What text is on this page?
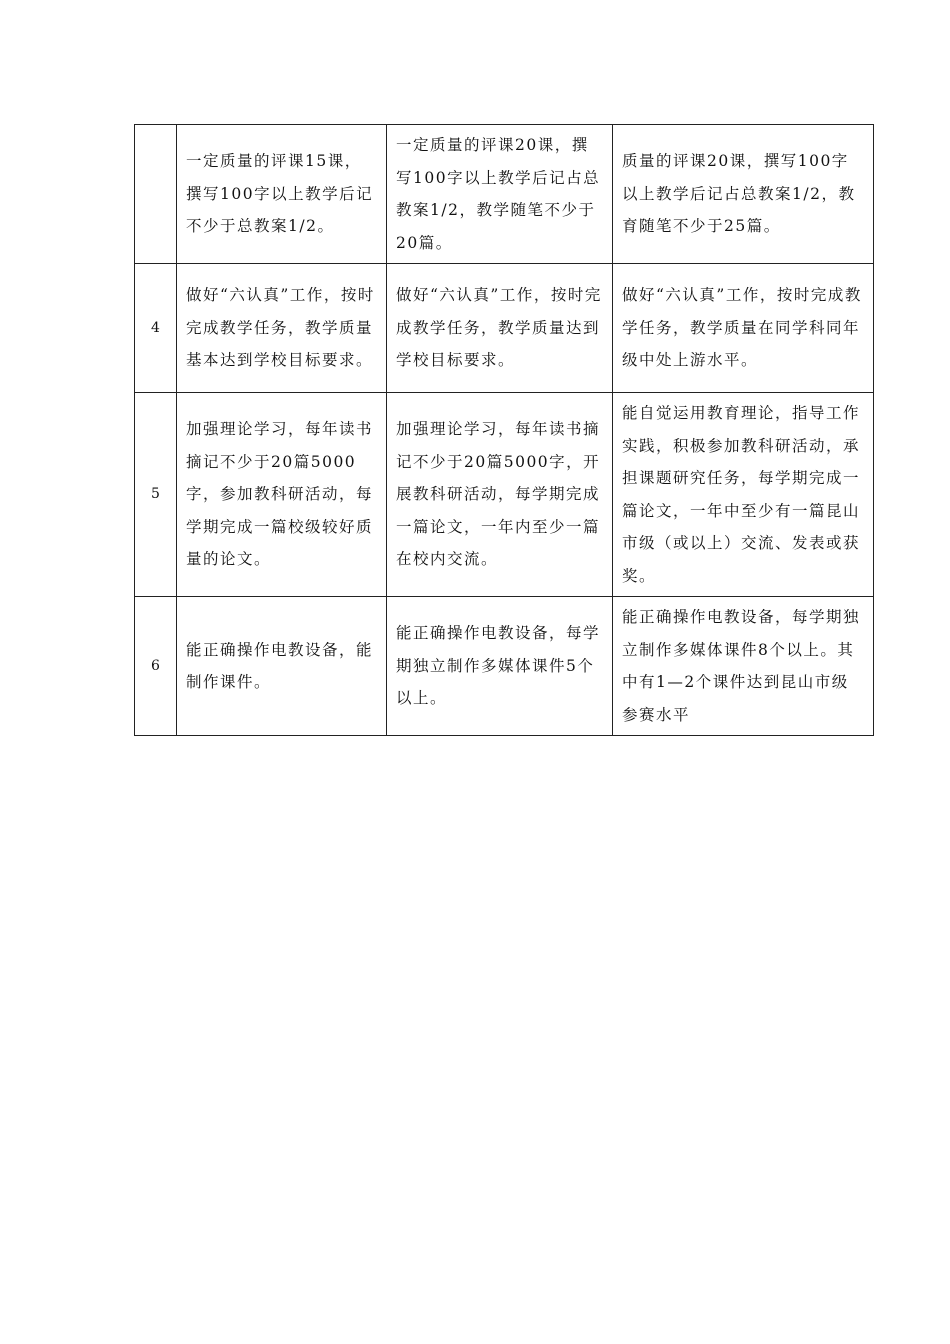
	一定质量的评课15课，撰写100字以上教学后记不少于总教案1/2。	一定质量的评课20课，撰写100字以上教学后记占总教案1/2，教学随笔不少于20篇。	质量的评课20课，撰写100字以上教学后记占总教案1/2，教育随笔不少于25篇。
4	做好“六认真”工作，按时完成教学任务，教学质量基本达到学校目标要求。	做好“六认真”工作，按时完成教学任务，教学质量达到学校目标要求。	做好“六认真”工作，按时完成教学任务，教学质量在同学科同年级中处上游水平。
5	加强理论学习，每年读书摘记不少于20篇5000字，参加教科研活动，每学期完成一篇校级较好质量的论文。	加强理论学习，每年读书摘记不少于20篇5000字，开展教科研活动，每学期完成一篇论文，一年内至少一篇在校内交流。	能自觉运用教育理论，指导工作实践，积极参加教科研活动，承担课题研究任务，每学期完成一篇论文，一年中至少有一篇昆山市级（或以上）交流、发表或获奖。
6	能正确操作电教设备，能制作课件。	能正确操作电教设备，每学期独立制作多媒体课件5个以上。	能正确操作电教设备，每学期独立制作多媒体课件8个以上。其中有1—2个课件达到昆山市级参赛水平
